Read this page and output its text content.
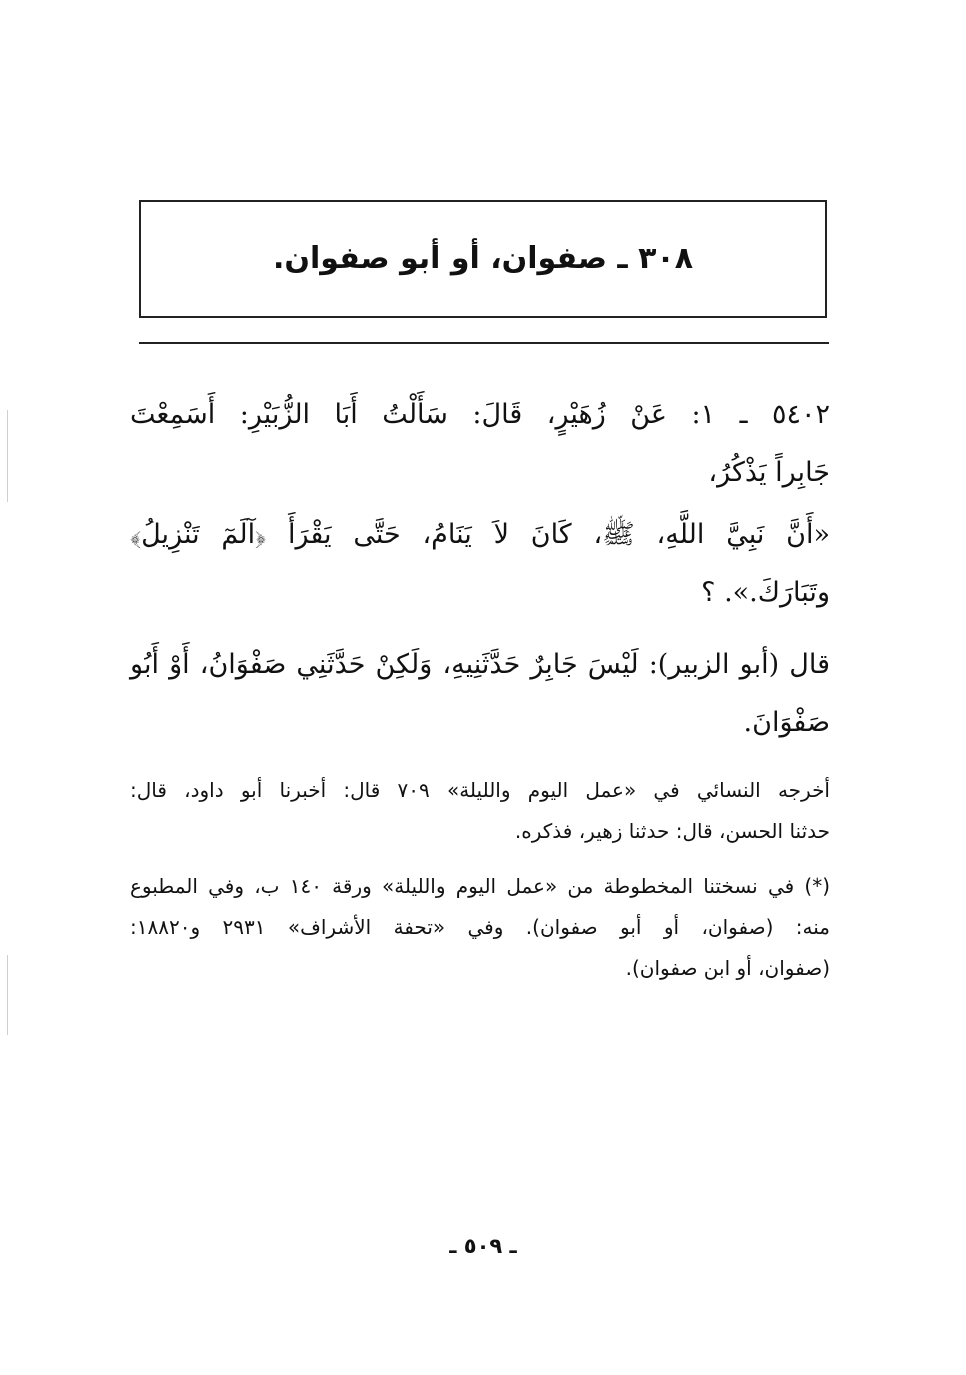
٣٠٨ ـ صفوان، أو أبو صفوان.
٥٤٠٢ ـ ١: عَنْ زُهَيْرٍ، قَالَ: سَأَلْتُ أَبَا الزُّبَيْرِ: أَسَمِعْتَ
جَابِراً يَذْكُرُ،
«أَنَّ نَبِيَّ اللَّهِ، ﷺ، كَانَ لاَ يَنَامُ، حَتَّى يَقْرَأَ ﴿آلَمٓ تَنْزِيلُ﴾
وتَبَارَكَ.». ؟
قال (أبو الزبير): لَيْسَ جَابِرٌ حَدَّثَنِيهِ، وَلَكِنْ حَدَّثَنِي صَفْوَانُ، أَوْ أَبُو
صَفْوَانَ.
أخرجه النسائي في «عمل اليوم والليلة» ٧٠٩ قال: أخبرنا أبو داود، قال:
حدثنا الحسن، قال: حدثنا زهير، فذكره.
(*) في نسختنا المخطوطة من «عمل اليوم والليلة» ورقة ١٤٠ ب، وفي المطبوع
منه: (صفوان، أو أبو صفوان). وفي «تحفة الأشراف» ٢٩٣١ و١٨٨٢٠:
(صفوان، أو ابن صفوان).
ـ ٥٠٩ ـ
